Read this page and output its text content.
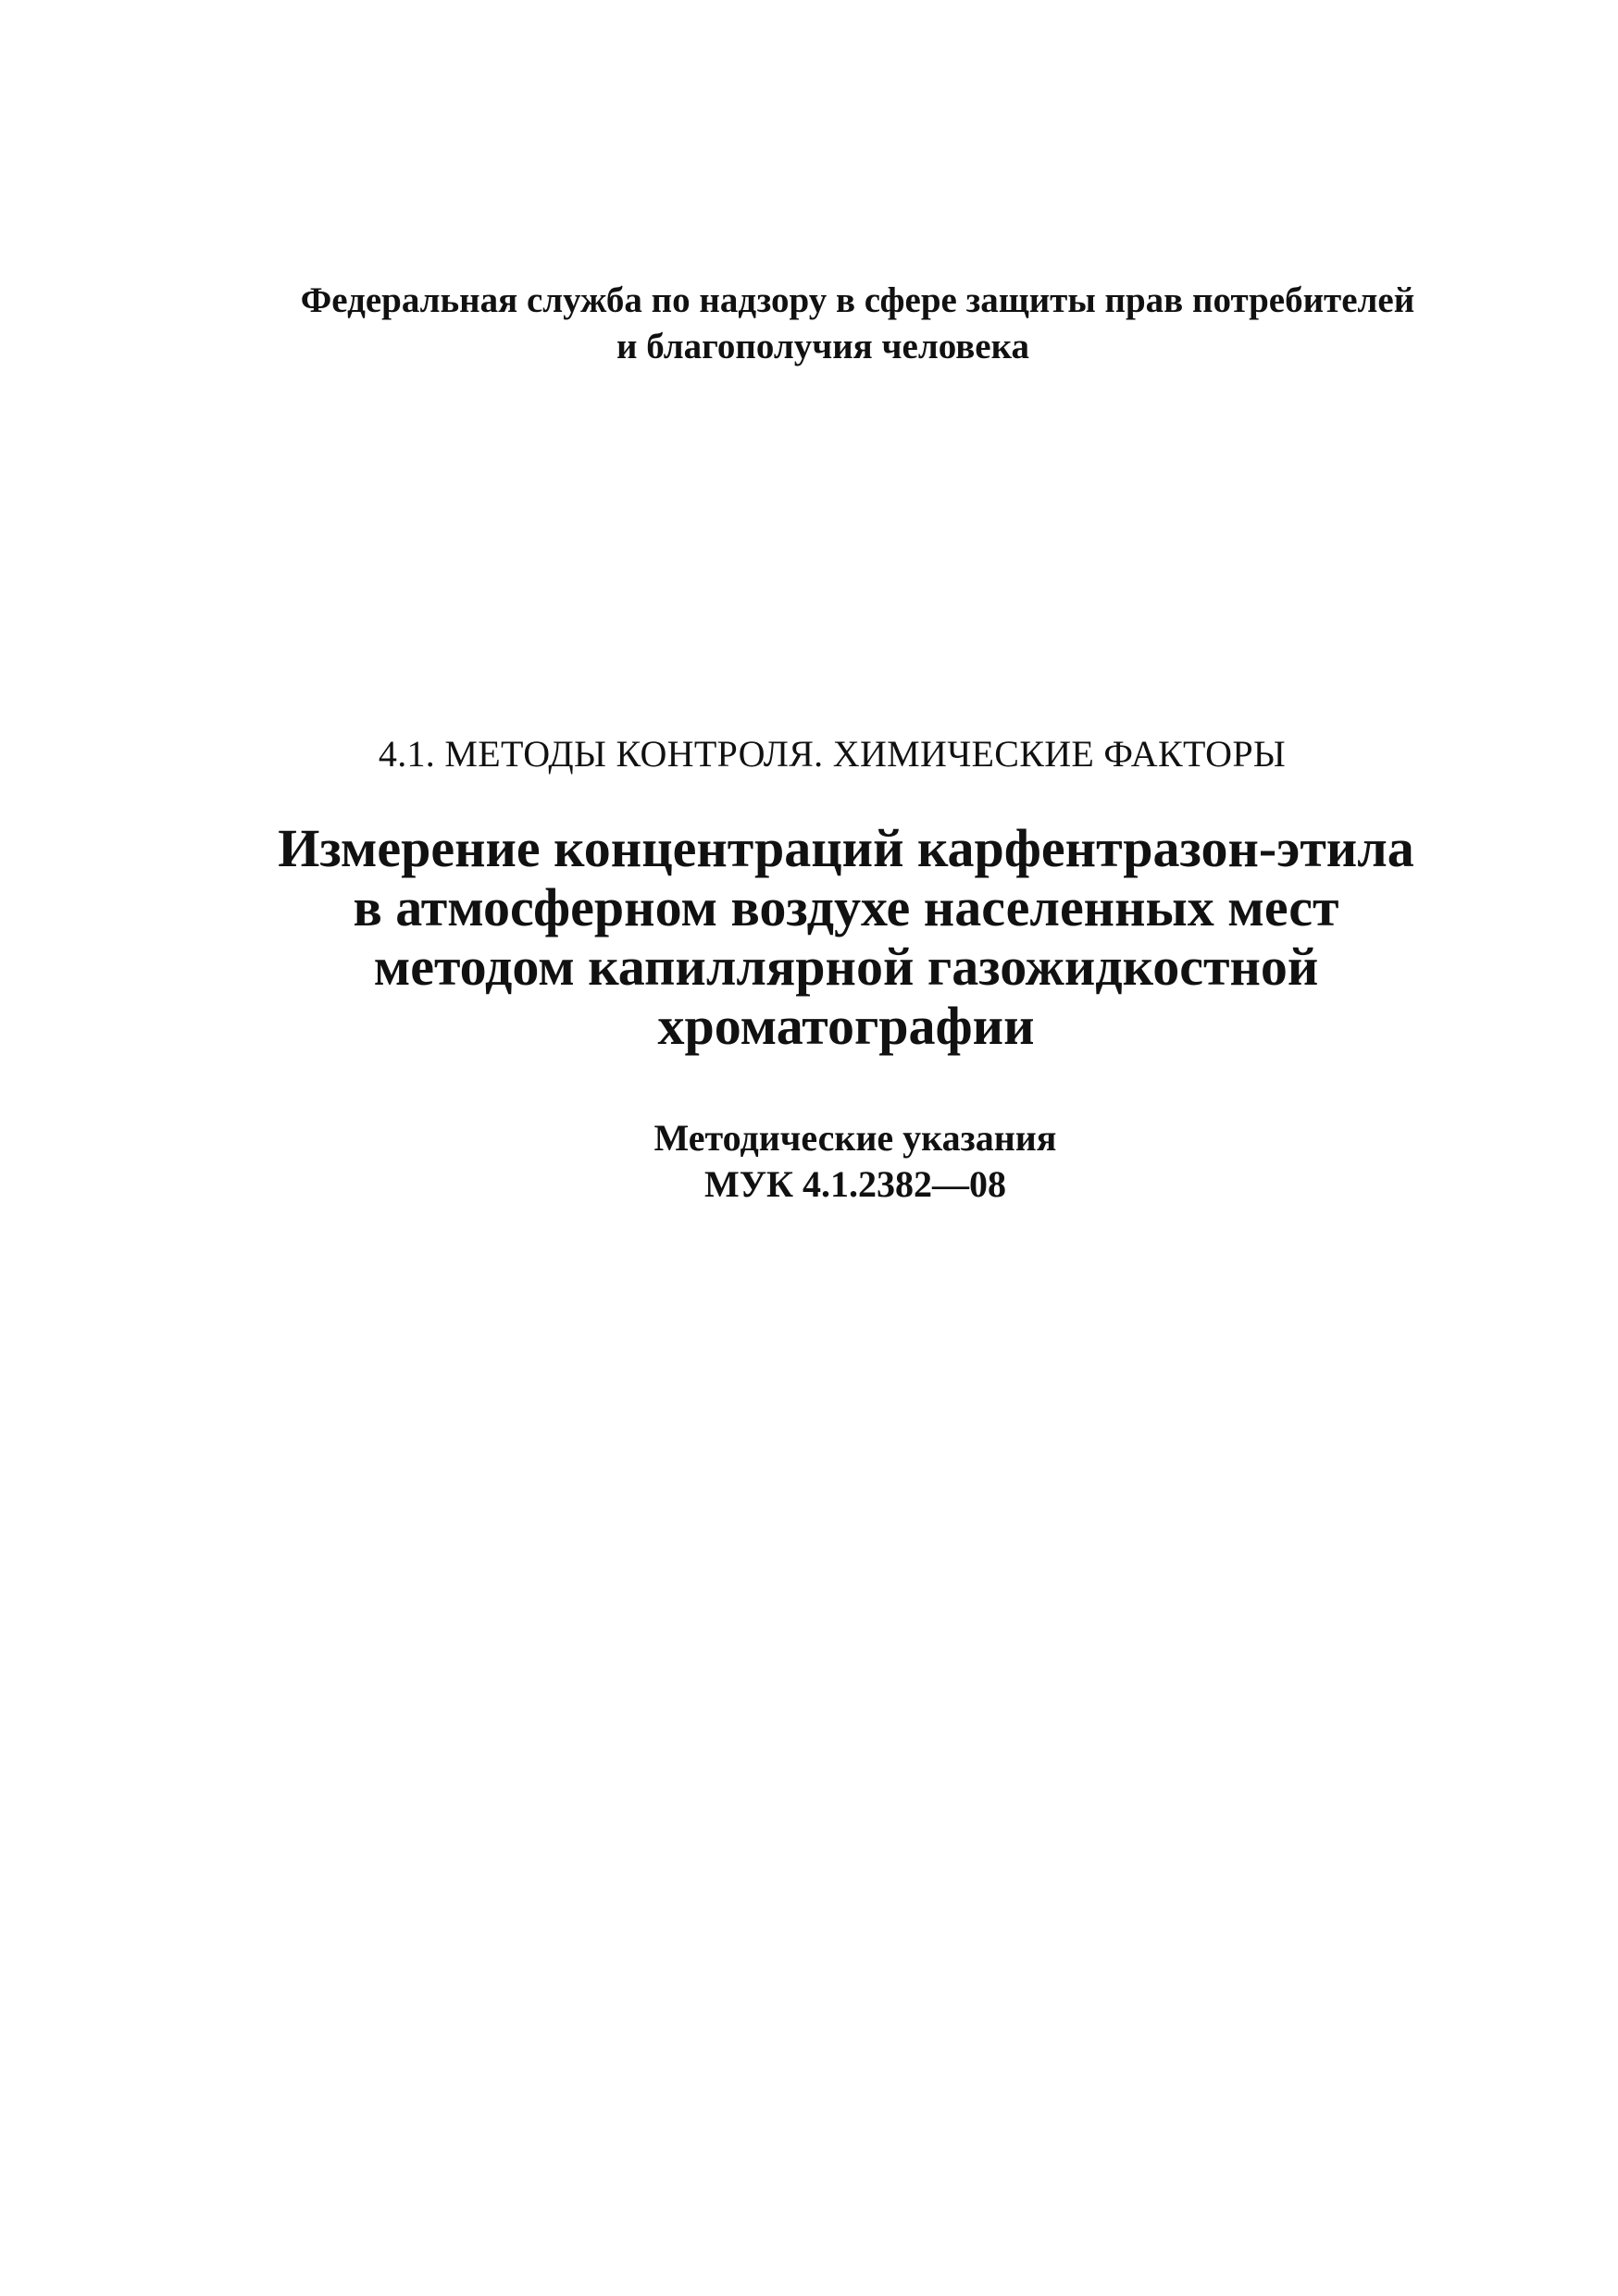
Федеральная служба по надзору в сфере защиты прав потребителей
и благополучия человека
4.1. МЕТОДЫ КОНТРОЛЯ. ХИМИЧЕСКИЕ ФАКТОРЫ
Измерение концентраций карфентразон-этила
в атмосферном воздухе населенных мест
методом капиллярной газожидкостной
хроматографии
Методические указания
МУК 4.1.2382—08
